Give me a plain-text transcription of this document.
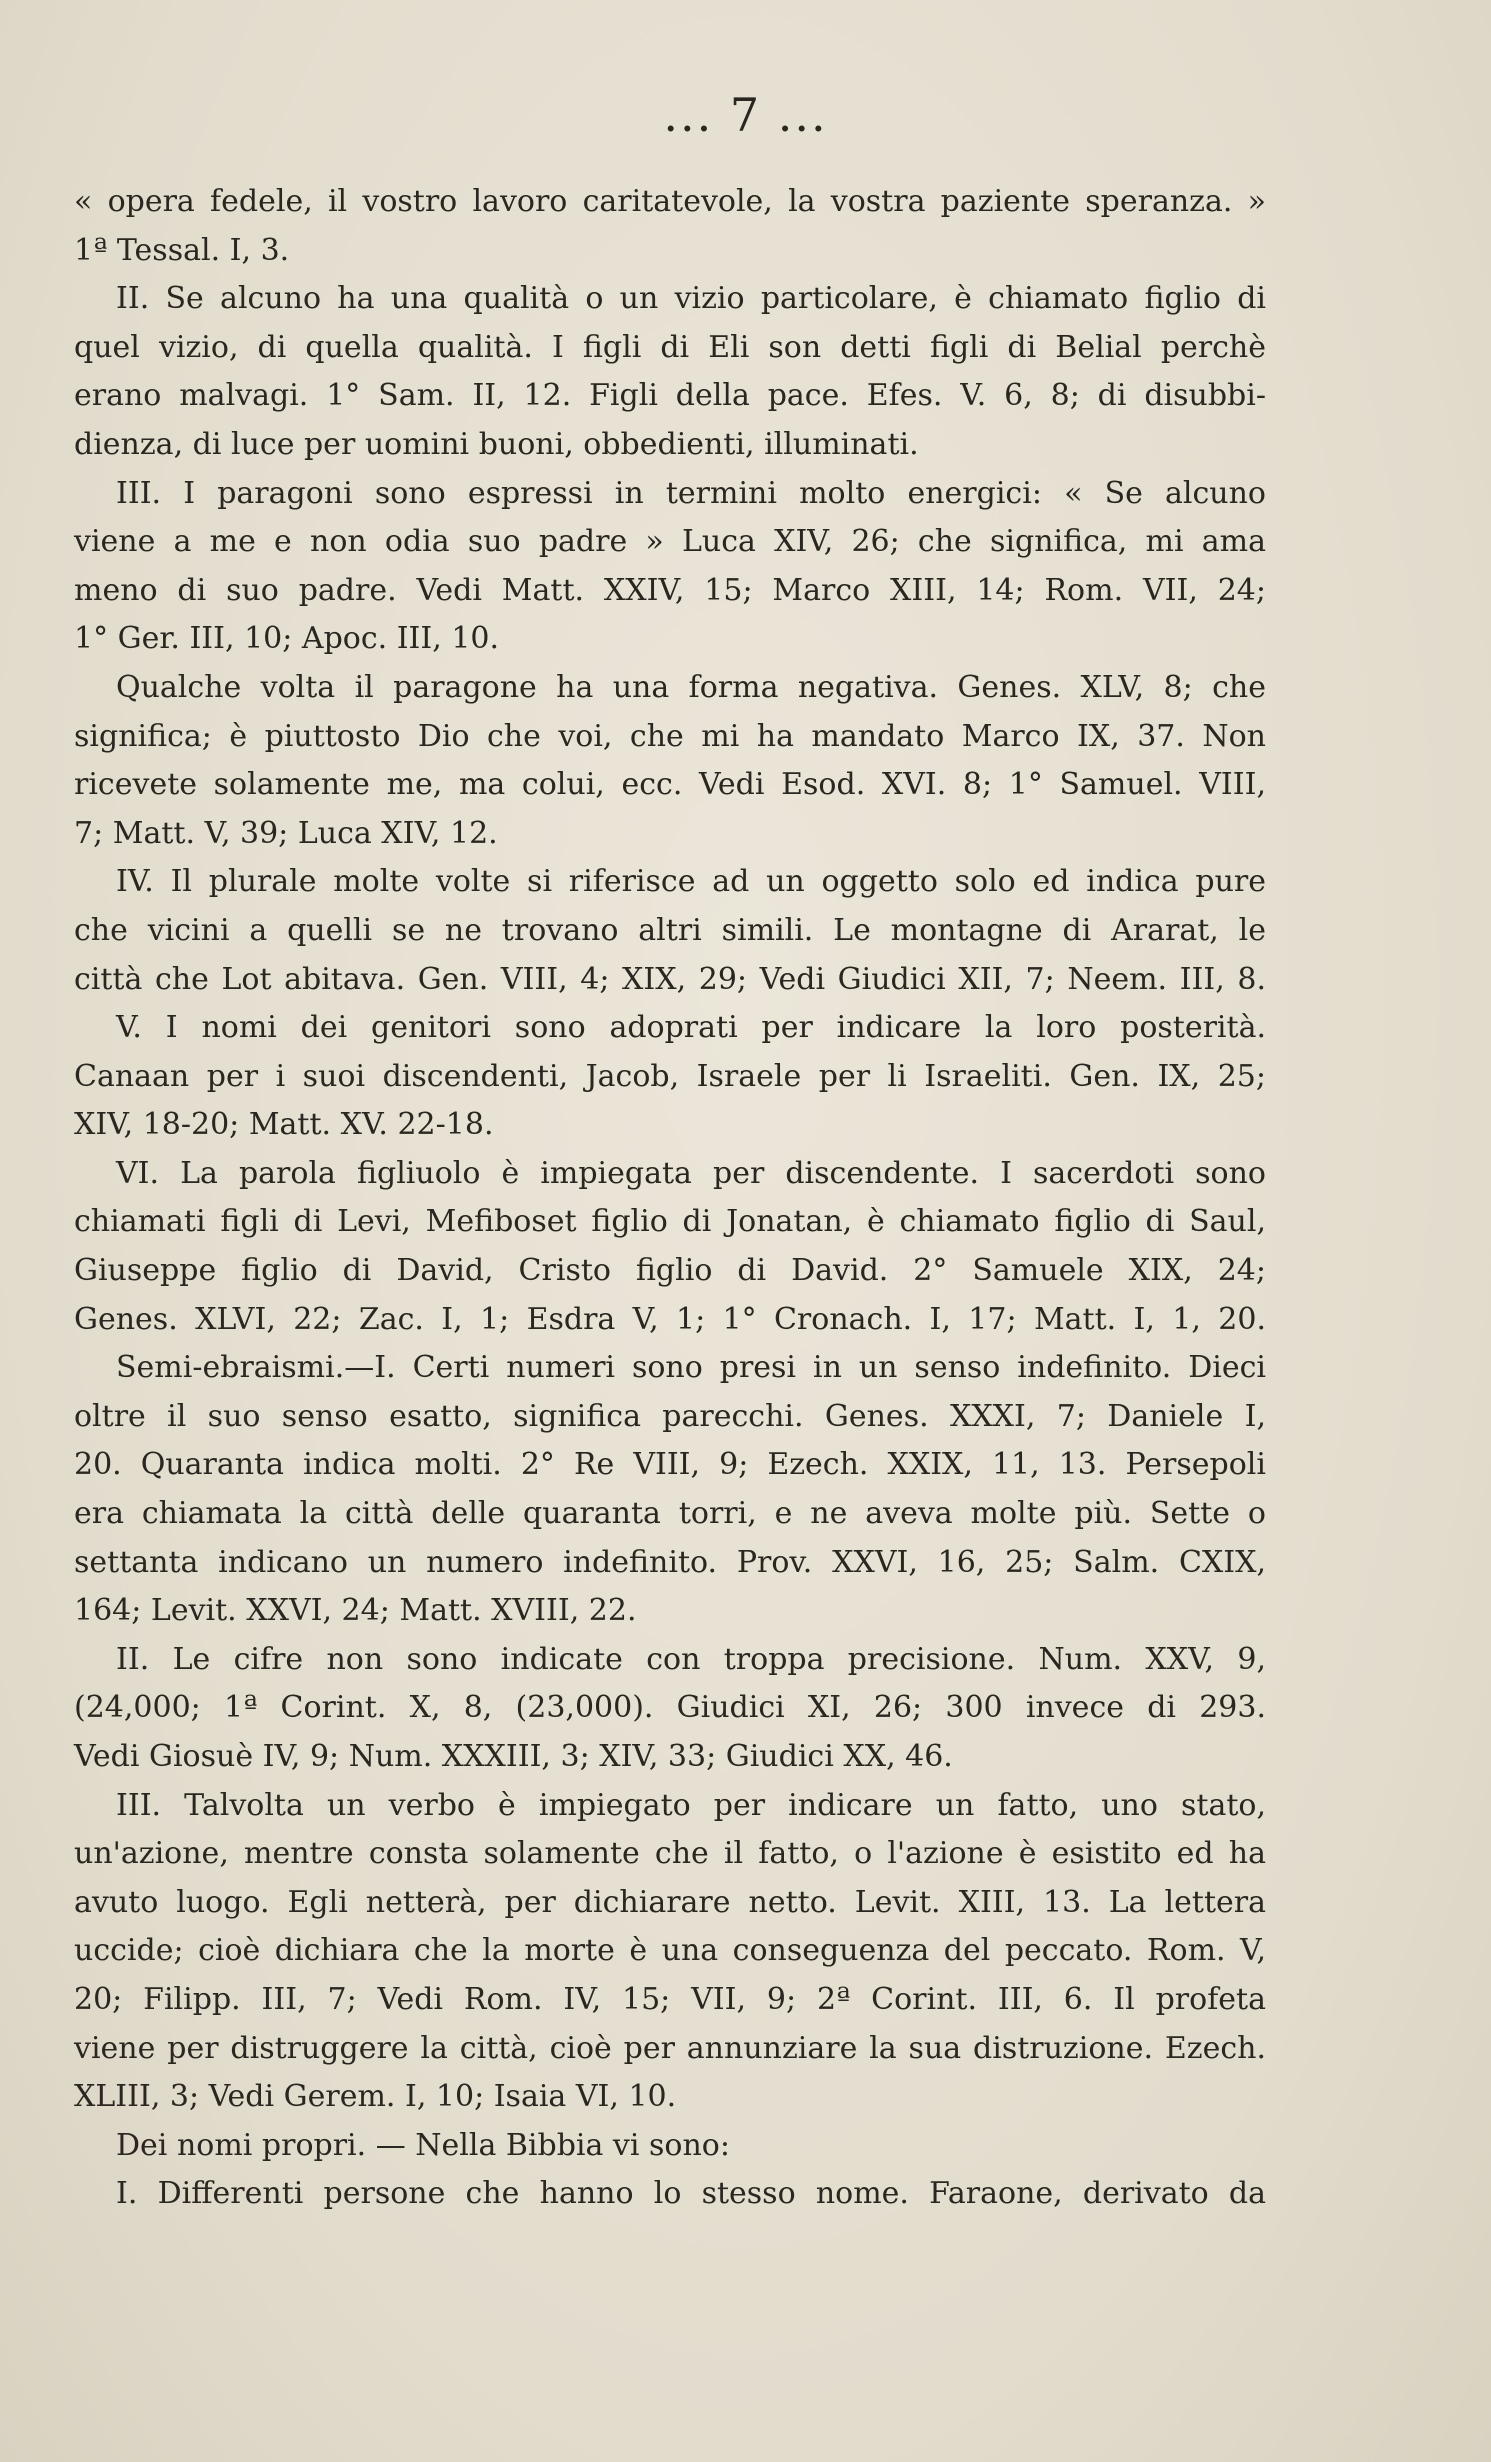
... 7 ...

« opera fedele, il vostro lavoro caritatevole, la vostra paziente speranza. »

1ª Tessal. I, 3.

II. Se alcuno ha una qualità o un vizio particolare, è chiamato figlio di

quel vizio, di quella qualità. I figli di Eli son detti figli di Belial perchè

erano malvagi. 1° Sam. II, 12. Figli della pace. Efes. V. 6, 8; di disubbi-

dienza, di luce per uomini buoni, obbedienti, illuminati.

III. I paragoni sono espressi in termini molto energici: « Se alcuno

viene a me e non odia suo padre » Luca XIV, 26; che significa, mi ama

meno di suo padre. Vedi Matt. XXIV, 15; Marco XIII, 14; Rom. VII, 24;

1° Ger. III, 10; Apoc. III, 10.

Qualche volta il paragone ha una forma negativa. Genes. XLV, 8; che

significa; è piuttosto Dio che voi, che mi ha mandato Marco IX, 37. Non

ricevete solamente me, ma colui, ecc. Vedi Esod. XVI. 8; 1° Samuel. VIII,

7; Matt. V, 39; Luca XIV, 12.

IV. Il plurale molte volte si riferisce ad un oggetto solo ed indica pure

che vicini a quelli se ne trovano altri simili. Le montagne di Ararat, le

città che Lot abitava. Gen. VIII, 4; XIX, 29; Vedi Giudici XII, 7; Neem. III, 8.

V. I nomi dei genitori sono adoprati per indicare la loro posterità.

Canaan per i suoi discendenti, Jacob, Israele per li Israeliti. Gen. IX, 25;

XIV, 18-20; Matt. XV. 22-18.

VI. La parola figliuolo è impiegata per discendente. I sacerdoti sono

chiamati figli di Levi, Mefiboset figlio di Jonatan, è chiamato figlio di Saul,

Giuseppe figlio di David, Cristo figlio di David. 2° Samuele XIX, 24;

Genes. XLVI, 22; Zac. I, 1; Esdra V, 1; 1° Cronach. I, 17; Matt. I, 1, 20.

Semi-ebraismi.—I. Certi numeri sono presi in un senso indefinito. Dieci

oltre il suo senso esatto, significa parecchi. Genes. XXXI, 7; Daniele I,

20. Quaranta indica molti. 2° Re VIII, 9; Ezech. XXIX, 11, 13. Persepoli

era chiamata la città delle quaranta torri, e ne aveva molte più. Sette o

settanta indicano un numero indefinito. Prov. XXVI, 16, 25; Salm. CXIX,

164; Levit. XXVI, 24; Matt. XVIII, 22.

II. Le cifre non sono indicate con troppa precisione. Num. XXV, 9,

(24,000; 1ª Corint. X, 8, (23,000). Giudici XI, 26; 300 invece di 293.

Vedi Giosuè IV, 9; Num. XXXIII, 3; XIV, 33; Giudici XX, 46.

III. Talvolta un verbo è impiegato per indicare un fatto, uno stato,

un'azione, mentre consta solamente che il fatto, o l'azione è esistito ed ha

avuto luogo. Egli netterà, per dichiarare netto. Levit. XIII, 13. La lettera

uccide; cioè dichiara che la morte è una conseguenza del peccato. Rom. V,

20; Filipp. III, 7; Vedi Rom. IV, 15; VII, 9; 2ª Corint. III, 6. Il profeta

viene per distruggere la città, cioè per annunziare la sua distruzione. Ezech.

XLIII, 3; Vedi Gerem. I, 10; Isaia VI, 10.

Dei nomi propri. — Nella Bibbia vi sono:

I. Differenti persone che hanno lo stesso nome. Faraone, derivato da
